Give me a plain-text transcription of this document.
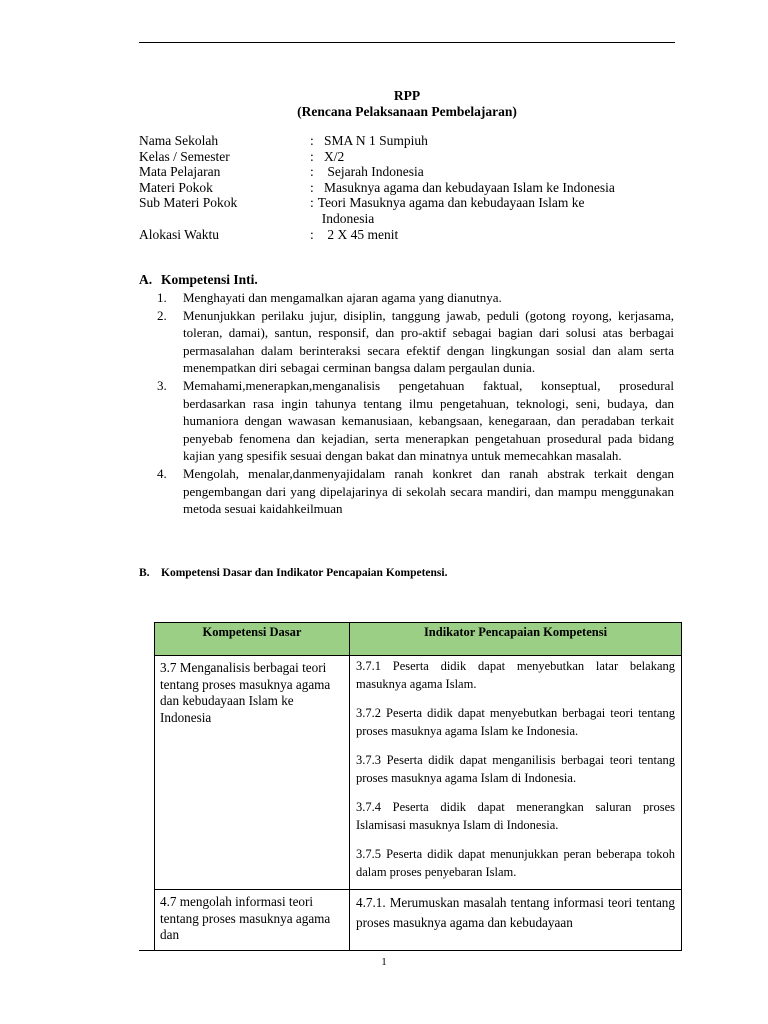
RPP
(Rencana Pelaksanaan Pembelajaran)
Nama Sekolah	: SMA N 1 Sumpiuh
Kelas / Semester	: X/2
Mata Pelajaran	: Sejarah Indonesia
Materi Pokok	: Masuknya agama dan kebudayaan Islam ke Indonesia
Sub Materi Pokok	: Teori Masuknya agama dan kebudayaan Islam ke
Indonesia
Alokasi Waktu	: 2 X 45 menit
A. Kompetensi Inti.
1.	Menghayati dan mengamalkan ajaran agama yang dianutnya.
2.	Menunjukkan perilaku jujur, disiplin, tanggung jawab, peduli (gotong royong, kerjasama, toleran, damai), santun, responsif, dan pro-aktif sebagai bagian dari solusi atas berbagai permasalahan dalam berinteraksi secara efektif dengan lingkungan sosial dan alam serta menempatkan diri sebagai cerminan bangsa dalam pergaulan dunia.
3.	Memahami,menerapkan,menganalisis pengetahuan faktual, konseptual, prosedural berdasarkan rasa ingin tahunya tentang ilmu pengetahuan, teknologi, seni, budaya, dan humaniora dengan wawasan kemanusiaan, kebangsaan, kenegaraan, dan peradaban terkait penyebab fenomena dan kejadian, serta menerapkan pengetahuan prosedural pada bidang kajian yang spesifik sesuai dengan bakat dan minatnya untuk memecahkan masalah.
4.	Mengolah, menalar,danmenyajidalam ranah konkret dan ranah abstrak terkait dengan pengembangan dari yang dipelajarinya di sekolah secara mandiri, dan mampu menggunakan metoda sesuai kaidahkeilmuan
B. Kompetensi Dasar dan Indikator Pencapaian Kompetensi.
Kompetensi Dasar	Indikator Pencapaian Kompetensi
3.7 Menganalisis berbagai teori tentang proses masuknya agama dan kebudayaan Islam ke Indonesia	3.7.1 Peserta didik dapat menyebutkan latar belakang masuknya agama Islam.

3.7.2 Peserta didik dapat menyebutkan berbagai teori tentang proses masuknya agama Islam ke Indonesia.

3.7.3 Peserta didik dapat menganilisis berbagai teori tentang proses masuknya agama Islam di Indonesia.

3.7.4 Peserta didik dapat menerangkan saluran proses Islamisasi masuknya Islam di Indonesia.

3.7.5 Peserta didik dapat menunjukkan peran beberapa tokoh dalam proses penyebaran Islam.

4.7 mengolah informasi teori tentang proses masuknya agama dan	4.7.1. Merumuskan masalah tentang informasi teori tentang proses masuknya agama dan kebudayaan
1
